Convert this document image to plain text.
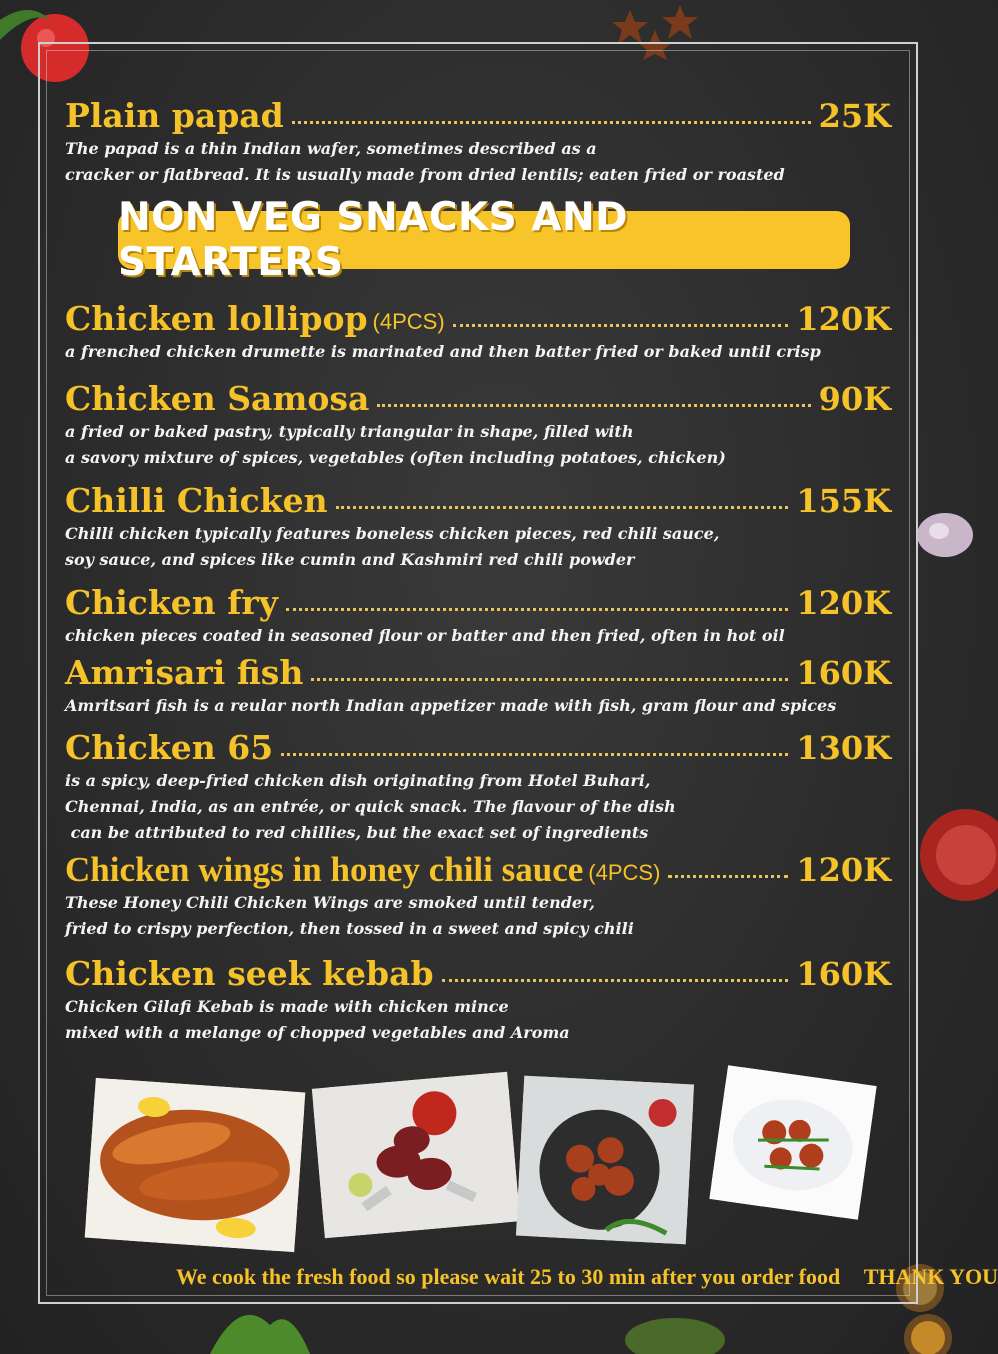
Plain papad	25K
The papad is a thin Indian wafer, sometimes described as a
cracker or flatbread. It is usually made from dried lentils; eaten fried or roasted
NON VEG SNACKS AND STARTERS
Chicken lollipop (4PCS)	120K
a frenched chicken drumette is marinated and then batter fried or baked until crisp
Chicken Samosa	90K
a fried or baked pastry, typically triangular in shape, filled with
a savory mixture of spices, vegetables (often including potatoes, chicken)
Chilli Chicken	155K
Chilli chicken typically features boneless chicken pieces, red chili sauce,
soy sauce, and spices like cumin and Kashmiri red chili powder
Chicken fry	120K
chicken pieces coated in seasoned flour or batter and then fried, often in hot oil
Amrisari fish	160K
Amritsari fish is a reular north Indian appetizer made with fish, gram flour and spices
Chicken 65	130K
is a spicy, deep-fried chicken dish originating from Hotel Buhari,
Chennai, India, as an entrée, or quick snack. The flavour of the dish
can be attributed to red chillies, but the exact set of ingredients
Chicken wings in honey chili sauce (4PCS)	120K
These Honey Chili Chicken Wings are smoked until tender,
fried to crispy perfection, then tossed in a sweet and spicy chili
Chicken seek kebab	160K
Chicken Gilafi Kebab is made with chicken mince
mixed with a melange of chopped vegetables and Aroma
We cook the fresh food so please wait 25 to 30 min after you order food THANK YOU
